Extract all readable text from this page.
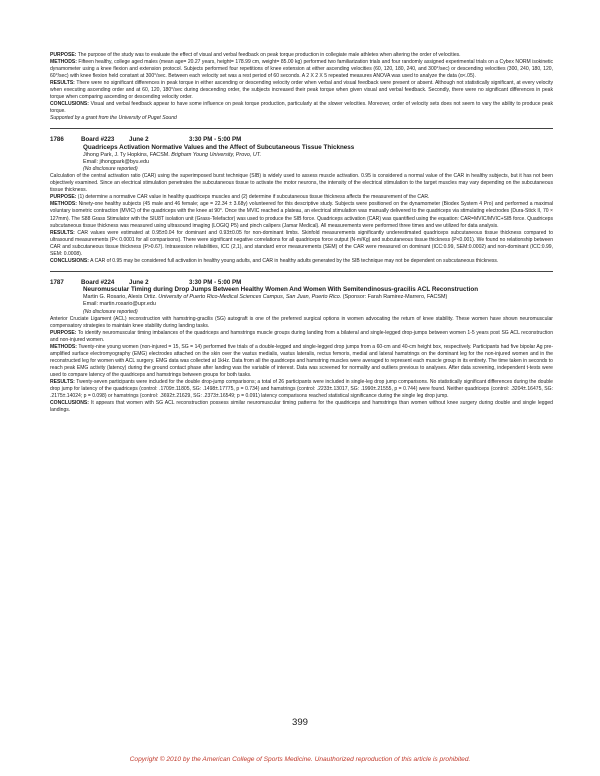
PURPOSE: The purpose of the study was to evaluate the effect of visual and verbal feedback on peak torque production in collegiate male athletes when altering the order of velocities.

METHODS: Fifteen healthy, college aged males (mean age= 20.27 years, height= 178.99 cm, weight= 85.00 kg) performed two familiarization trials and four randomly assigned experimental trials on a Cybex NORM isokinetic dynamometer using a knee flexion and extension protocol. Subjects performed four repetitions of knee extension at either ascending velocities (60, 120, 180, 240, and 300°/sec) or descending velocities (300, 240, 180, 120, 60°/sec) with knee flexion held constant at 300°/sec. Between each velocity set was a rest period of 60 seconds. A 2 X 2 X 5 repeated measures ANOVA was used to analyze the data (α<.05).

RESULTS: There were no significant differences in peak torque in either ascending or descending velocity order when verbal and visual feedback were present or absent. Although not statistically significant, at every velocity when executing ascending order and at 60, 120, 180°/sec during descending order, the subjects increased their peak torque when given visual and verbal feedback. Secondly, there were no significant differences in peak torque when comparing ascending or descending velocity order.

CONCLUSIONS: Visual and verbal feedback appear to have some influence on peak torque production, particularly at the slower velocities. Moreover, order of velocity sets does not seem to vary the ability to produce peak torque.

Supported by a grant from the University of Puget Sound

1786	Board #223 June 2	3:30 PM - 5:00 PM

Quadriceps Activation Normative Values and the Affect of Subcutaneous Tissue Thickness

Jihong Park, J. Ty Hopkins, FACSM. Brigham Young University, Provo, UT.

Email: jihongpark@byu.edu

(No disclosure reported)

Calculation of the central activation ratio (CAR) using the superimposed burst technique (SIB) is widely used to assess muscle activation. 0.95 is considered a normal value of the CAR in healthy subjects, but it has not been objectively examined. Since an electrical stimulation penetrates the subcutaneous tissue to activate the motor neurons, the intensity of the electrical stimulation to the target muscles may vary depending on the subcutaneous tissue thickness.

PURPOSE: (1) determine a normative CAR value in healthy quadriceps muscles and (2) determine if subcutaneous tissue thickness affects the measurement of the CAR.

METHODS: Ninety-one healthy subjects (45 male and 46 female; age = 22.34 ± 3.68y) volunteered for this descriptive study. Subjects were positioned on the dynamometer (Biodex System 4 Pro) and performed a maximal voluntary isometric contraction (MVIC) of the quadriceps with the knee at 90°. Once the MVIC reached a plateau, an electrical stimulation was manually delivered to the quadriceps via stimulating electrodes (Dura-Stick II, 70 × 127mm). The S88 Grass Stimulator with the SIU8T isolation unit (Grass-Telefactor) was used to produce the SIB force. Quadriceps activation (CAR) was quantified using the equation: CAR=MVIC/MVIC+SIB force. Quadriceps subcutaneous tissue thickness was measured using ultrasound imaging (LOGIQ P5) and pinch calipers (Jamar Medical). All measurements were performed three times and we utilized for data analysis.

RESULTS: CAR values were estimated at 0.95±0.04 for dominant and 0.93±0.05 for non-dominant limbs. Skinfold measurements significantly underestimated quadriceps subcutaneous tissue thickness compared to ultrasound measurements (P< 0.0001 for all comparisons). There were significant negative correlations for all quadriceps force output (N·m/Kg) and subcutaneous tissue thickness (P<0.001). We found no relationship between CAR and subcutaneous tissue thickness (P>0.67). Intrasession reliabilities, ICC (2,1), and standard error measurements (SEM) of the CAR were measured on dominant (ICC:0.99, SEM:0.0002) and non-dominant (ICC:0.99, SEM: 0.0008).

CONCLUSIONS: A CAR of 0.95 may be considered full activation in healthy young adults, and CAR in healthy adults generated by the SIB technique may not be dependent on subcutaneous thickness.

1787	Board #224 June 2	3:30 PM - 5:00 PM

Neuromuscular Timing during Drop Jumps Between Healthy Women And Women With Semitendinosus-gracilis ACL Reconstruction

Martin G. Rosario, Alexis Ortiz. University of Puerto Rico-Medical Sciences Campus, San Juan, Puerto Rico. (Sponsor: Farah Ramirez-Marrero, FACSM)

Email: martin.rosario@upr.edu

(No disclosure reported)

Anterior Cruciate Ligament (ACL) reconstruction with hamstring-gracilis (SG) autograft is one of the preferred surgical options in women advocating the return of knee stability. These women have shown neuromuscular compensatory strategies to maintain knee stability during landing tasks.

PURPOSE: To identify neuromuscular timing imbalances of the quadriceps and hamstrings muscle groups during landing from a bilateral and single-legged drop-jumps between women 1-5 years post SG ACL reconstruction and non-injured women.

METHODS: Twenty-nine young women (non-injured = 15, SG = 14) performed five trials of a double-legged and single-legged drop jumps from a 60-cm and 40-cm height box, respectively. Participants had five bipolar Ag pre-amplified surface electromyography (EMG) electrodes attached on the skin over the vastus medialis, vastus lateralis, rectus femoris, medial and lateral hamstrings on the dominant leg for the non-injured women and in the reconstructed leg for women with ACL surgery. EMG data was collected at 1kHz. Data from all the quadriceps and hamstring muscles were averaged to represent each muscle group in its entirety. The time taken in seconds to reach peak EMG activity (latency) during the ground contact phase after landing was the variable of interest. Data was screened for normality and outliers previous to analyses. After data screening, independent t-tests were used to compare latency of the quadriceps and hamstrings between groups for both tasks.

RESULTS: Twenty-seven participants were included for the double drop-jump comparisons; a total of 26 participants were included in single-leg drop jump comparisons. No statistically significant differences during the double drop jump for latency of the quadriceps (control: .1709±.11805, SG: .1498±.17775, p = 0.734) and hamstrings (control: .2233±.13017, SG: .1990±.21555, p = 0.744) were found. Neither quadriceps (control: .3204±.16475, SG: .2175±.14024; p = 0.098) or hamstrings (control: .3692±.21629, SG: .2373±.16549; p = 0.091) latency comparisons reached statistical significance during the single leg drop jump.

CONCLUSIONS: It appears that women with SG ACL reconstruction possess similar neuromuscular timing patterns for the quadriceps and hamstrings than women without knee surgery during double and single legged landings.

399

Copyright © 2010 by the American College of Sports Medicine. Unauthorized reproduction of this article is prohibited.
